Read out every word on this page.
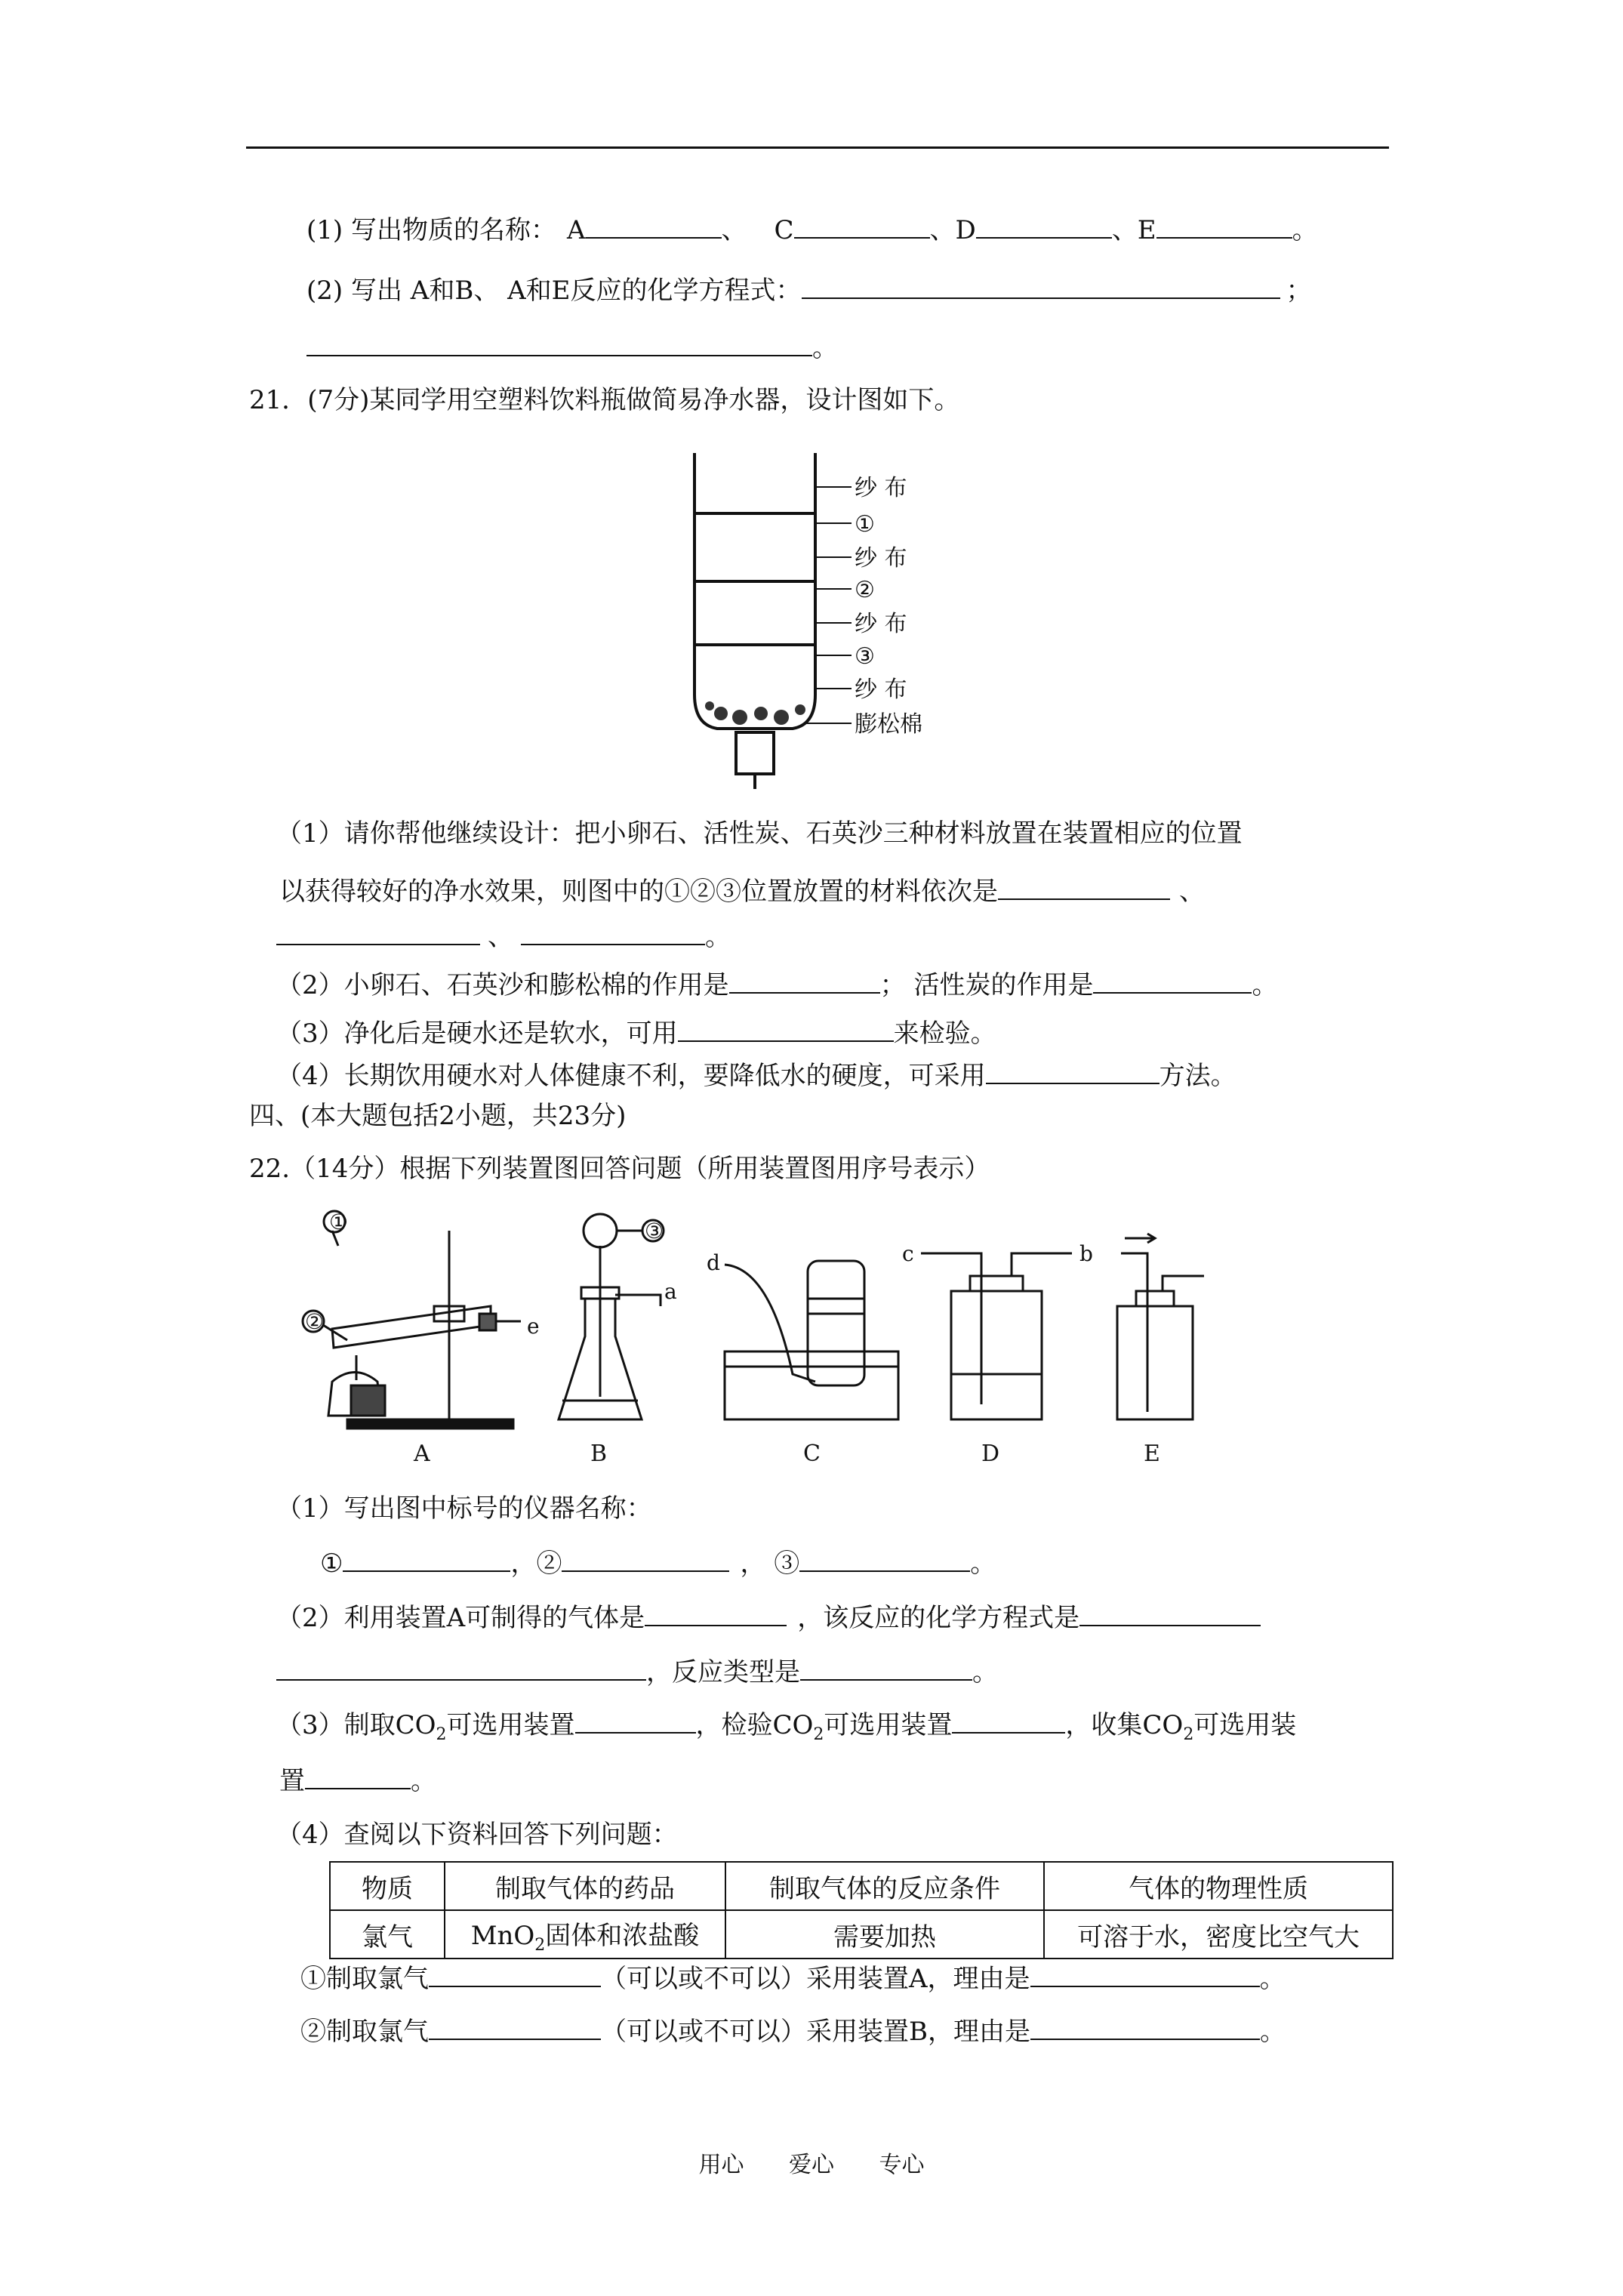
(1) 写出物质的名称： A	、 C	、D	、E	。
(2) 写出 A和B、 A和E反应的化学方程式：	；
。
21．(7分)某同学用空塑料饮料瓶做简易净水器，设计图如下。
纱 布
①
纱 布
②
纱 布
③
纱 布
膨松棉
（1）请你帮他继续设计：把小卵石、活性炭、石英沙三种材料放置在装置相应的位置
以获得较好的净水效果，则图中的①②③位置放置的材料依次是	、
、	。
（2）小卵石、石英沙和膨松棉的作用是	； 活性炭的作用是	。
（3）净化后是硬水还是软水，可用	来检验。
（4）长期饮用硬水对人体健康不利，要降低水的硬度，可采用	方法。
四、(本大题包括2小题，共23分)
22.（14分）根据下列装置图回答问题（所用装置图用序号表示）
①
②
③
a
b
c
d
e
A	B	C	D	E
（1）写出图中标号的仪器名称：
①	，②	， ③	。
（2）利用装置A可制得的气体是	，该反应的化学方程式是
，反应类型是	。
（3）制取$CO_2$可选用装置	，检验$CO_2$可选用装置	，收集$CO_2$可选用装
置	。
（4）查阅以下资料回答下列问题：
物质	制取气体的药品	制取气体的反应条件	气体的物理性质
氯气	MnO$_2$固体和浓盐酸	需要加热	可溶于水，密度比空气大
①制取氯气	（可以或不可以）采用装置A，理由是	。
②制取氯气	（可以或不可以）采用装置B，理由是	。
用心 爱心 专心
